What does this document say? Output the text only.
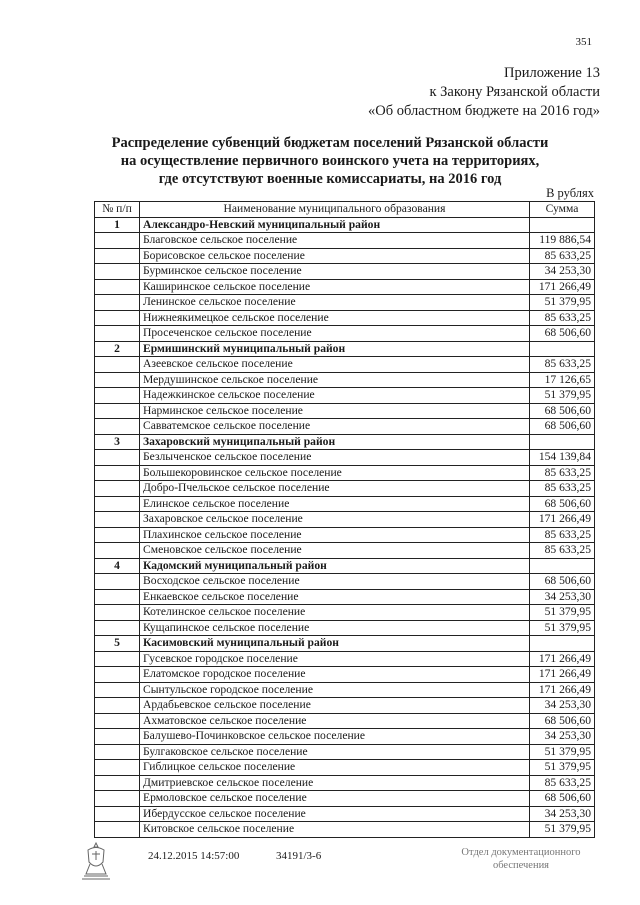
351
Приложение 13
к Закону Рязанской области
«Об областном бюджете на 2016 год»
Распределение субвенций бюджетам поселений Рязанской области
на осуществление первичного воинского учета на территориях,
где отсутствуют военные комиссариаты, на 2016 год
В рублях
№ п/п	Наименование муниципального образования	Сумма
1	Александро-Невский муниципальный район	
	Благовское сельское поселение	119 886,54
	Борисовское сельское поселение	85 633,25
	Бурминское сельское поселение	34 253,30
	Каширинское сельское поселение	171 266,49
	Ленинское сельское поселение	51 379,95
	Нижнеякимецкое сельское поселение	85 633,25
	Просеченское сельское поселение	68 506,60
2	Ермишинский муниципальный район	
	Азеевское сельское поселение	85 633,25
	Мердушинское сельское поселение	17 126,65
	Надежкинское сельское поселение	51 379,95
	Нарминское сельское поселение	68 506,60
	Савватемское сельское поселение	68 506,60
3	Захаровский муниципальный район	
	Безлыченское сельское поселение	154 139,84
	Большекоровинское сельское поселение	85 633,25
	Добро-Пчельское сельское поселение	85 633,25
	Елинское сельское поселение	68 506,60
	Захаровское сельское поселение	171 266,49
	Плахинское сельское поселение	85 633,25
	Сменовское сельское поселение	85 633,25
4	Кадомский муниципальный район	
	Восходское сельское поселение	68 506,60
	Енкаевское сельское поселение	34 253,30
	Котелинское сельское поселение	51 379,95
	Кущапинское сельское поселение	51 379,95
5	Касимовский муниципальный район	
	Гусевское городское поселение	171 266,49
	Елатомское городское поселение	171 266,49
	Сынтульское городское поселение	171 266,49
	Ардабьевское сельское поселение	34 253,30
	Ахматовское сельское поселение	68 506,60
	Балушево-Починковское сельское поселение	34 253,30
	Булгаковское сельское поселение	51 379,95
	Гиблицкое сельское поселение	51 379,95
	Дмитриевское сельское поселение	85 633,25
	Ермоловское сельское поселение	68 506,60
	Ибердусское сельское поселение	34 253,30
	Китовское сельское поселение	51 379,95
24.12.2015 14:57:00	34191/3-6	Отдел документационного
обеспечения
